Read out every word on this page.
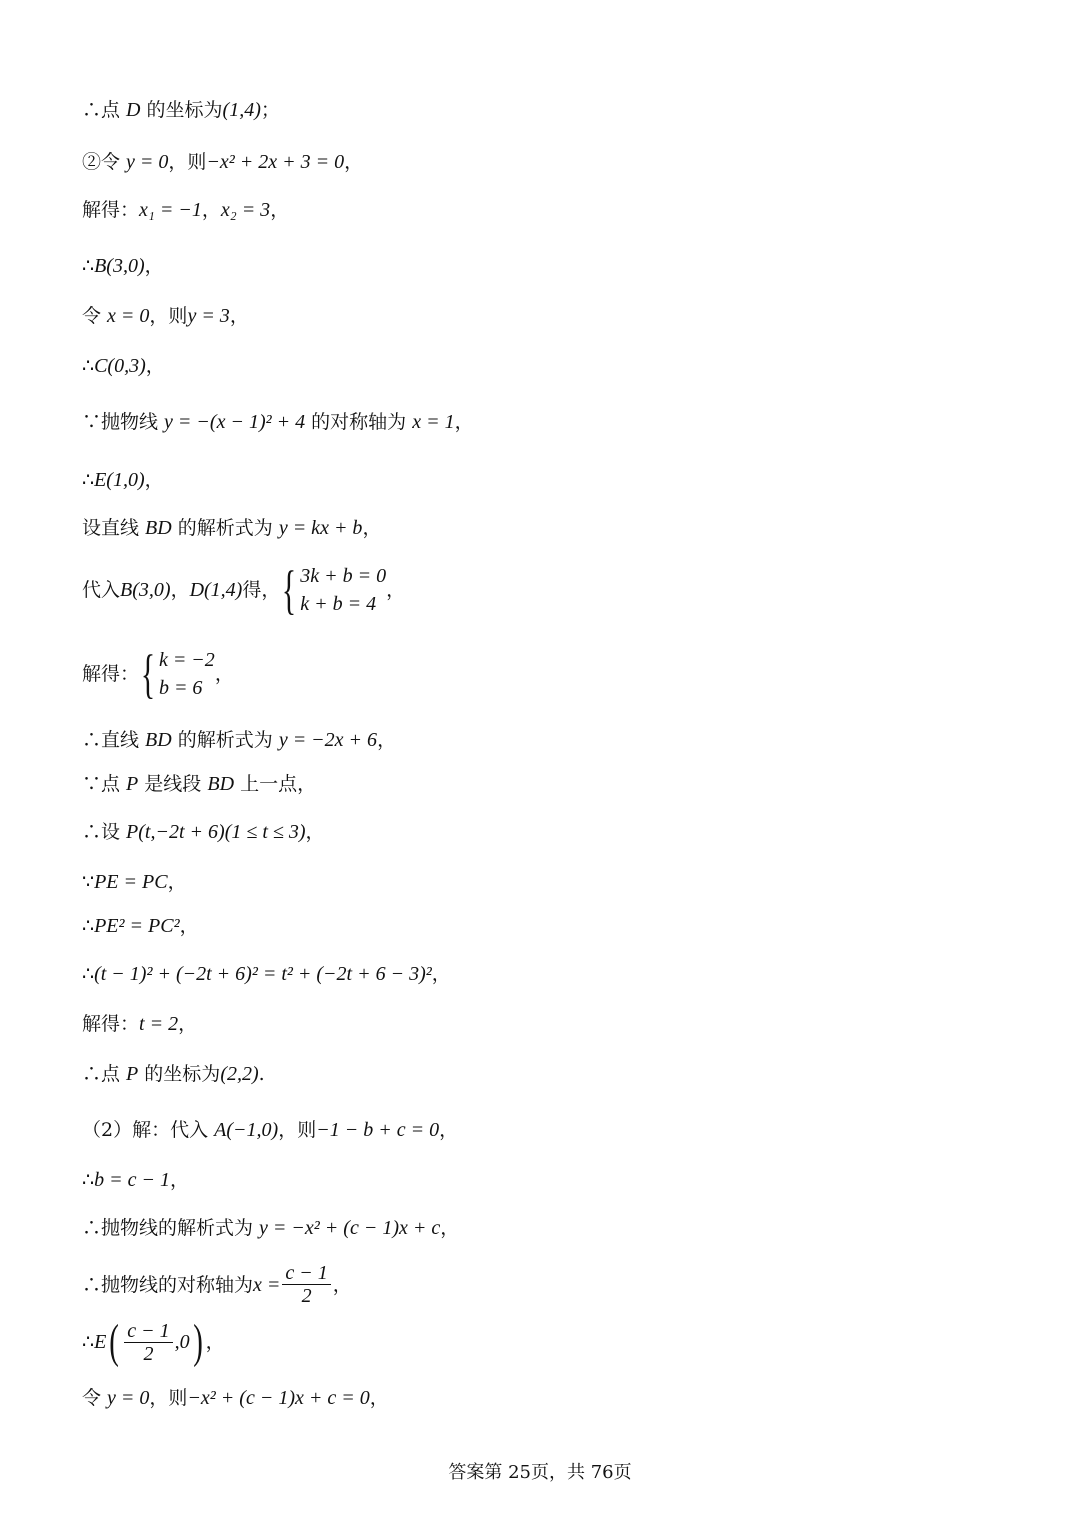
∴点 D 的坐标为(1,4)；
②令 y = 0，则−x² + 2x + 3 = 0，
解得：x₁ = −1，x₂ = 3，
∴B(3,0)，
令 x = 0，则y = 3，
∴C(0,3)，
∵抛物线 y = −(x − 1)² + 4 的对称轴为 x = 1，
∴E(1,0)，
设直线 BD 的解析式为 y = kx + b，
代入 B(3,0) ， D(1,4) 得， { 3k + b = 0
k + b = 4
，
解得： { k = −2
b = 6
，
∴直线 BD 的解析式为 y = −2x + 6，
∵点 P 是线段 BD 上一点，
∴设 P(t,−2t + 6)(1 ≤ t ≤ 3)，
∵PE = PC，
∴PE² = PC²，
∴(t − 1)² + (−2t + 6)² = t² + (−2t + 6 − 3)²，
解得：t = 2，
∴点 P 的坐标为(2,2).
（2）解：代入 A(−1,0)，则−1 − b + c = 0，
∴b = c − 1，
∴抛物线的解析式为 y = −x² + (c − 1)x + c，
∴抛物线的对称轴为 $x = \frac{c - 1}{2}$ ，
∴ E ( $\frac{c - 1}{2} ,0$ ) ，
令 y = 0，则−x² + (c − 1)x + c = 0，
答案第 25页，共 76页
